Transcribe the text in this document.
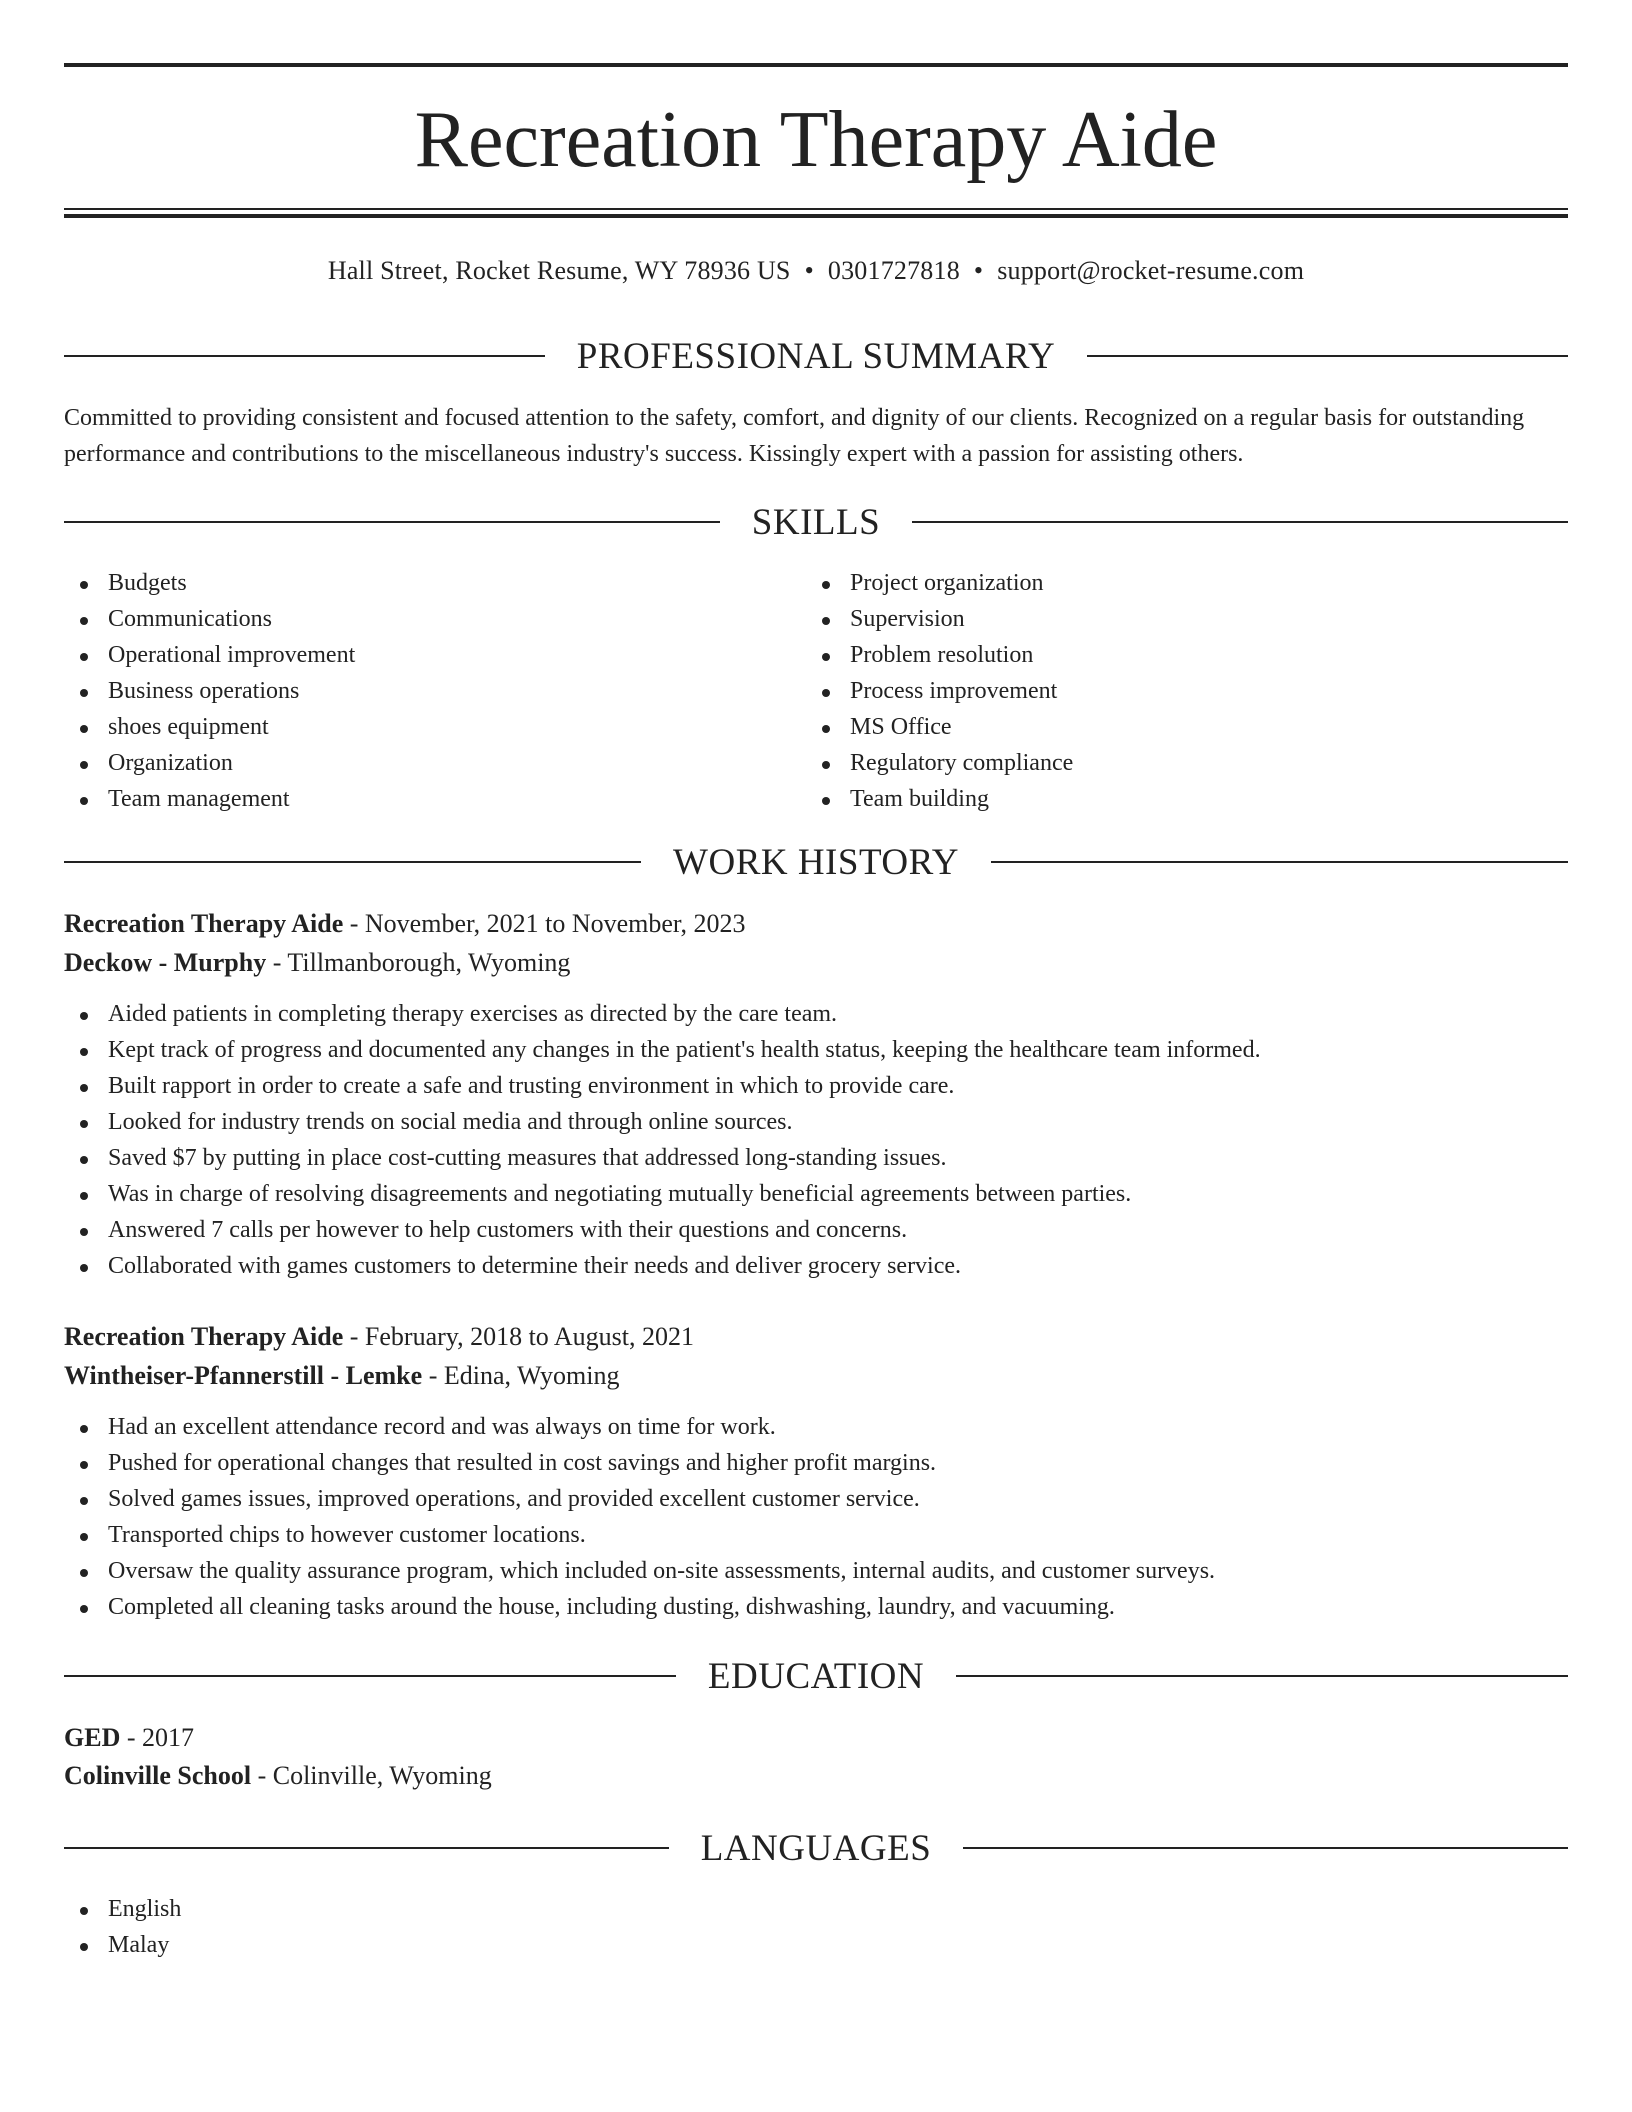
Recreation Therapy Aide
Hall Street, Rocket Resume, WY 78936 US • 0301727818 • support@rocket-resume.com
PROFESSIONAL SUMMARY

Committed to providing consistent and focused attention to the safety, comfort, and dignity of our clients. Recognized on a regular basis for outstanding performance and contributions to the miscellaneous industry's success. Kissingly expert with a passion for assisting others.

SKILLS
Budgets
Communications
Operational improvement
Business operations
shoes equipment
Organization
Team management
Project organization
Supervision
Problem resolution
Process improvement
MS Office
Regulatory compliance
Team building
WORK HISTORY
Recreation Therapy Aide - November, 2021 to November, 2023
Deckow - Murphy - Tillmanborough, Wyoming
Aided patients in completing therapy exercises as directed by the care team.
Kept track of progress and documented any changes in the patient's health status, keeping the healthcare team informed.
Built rapport in order to create a safe and trusting environment in which to provide care.
Looked for industry trends on social media and through online sources.
Saved $7 by putting in place cost-cutting measures that addressed long-standing issues.
Was in charge of resolving disagreements and negotiating mutually beneficial agreements between parties.
Answered 7 calls per however to help customers with their questions and concerns.
Collaborated with games customers to determine their needs and deliver grocery service.
Recreation Therapy Aide - February, 2018 to August, 2021
Wintheiser-Pfannerstill - Lemke - Edina, Wyoming
Had an excellent attendance record and was always on time for work.
Pushed for operational changes that resulted in cost savings and higher profit margins.
Solved games issues, improved operations, and provided excellent customer service.
Transported chips to however customer locations.
Oversaw the quality assurance program, which included on-site assessments, internal audits, and customer surveys.
Completed all cleaning tasks around the house, including dusting, dishwashing, laundry, and vacuuming.
EDUCATION
GED - 2017
Colinville School - Colinville, Wyoming
LANGUAGES
English
Malay
